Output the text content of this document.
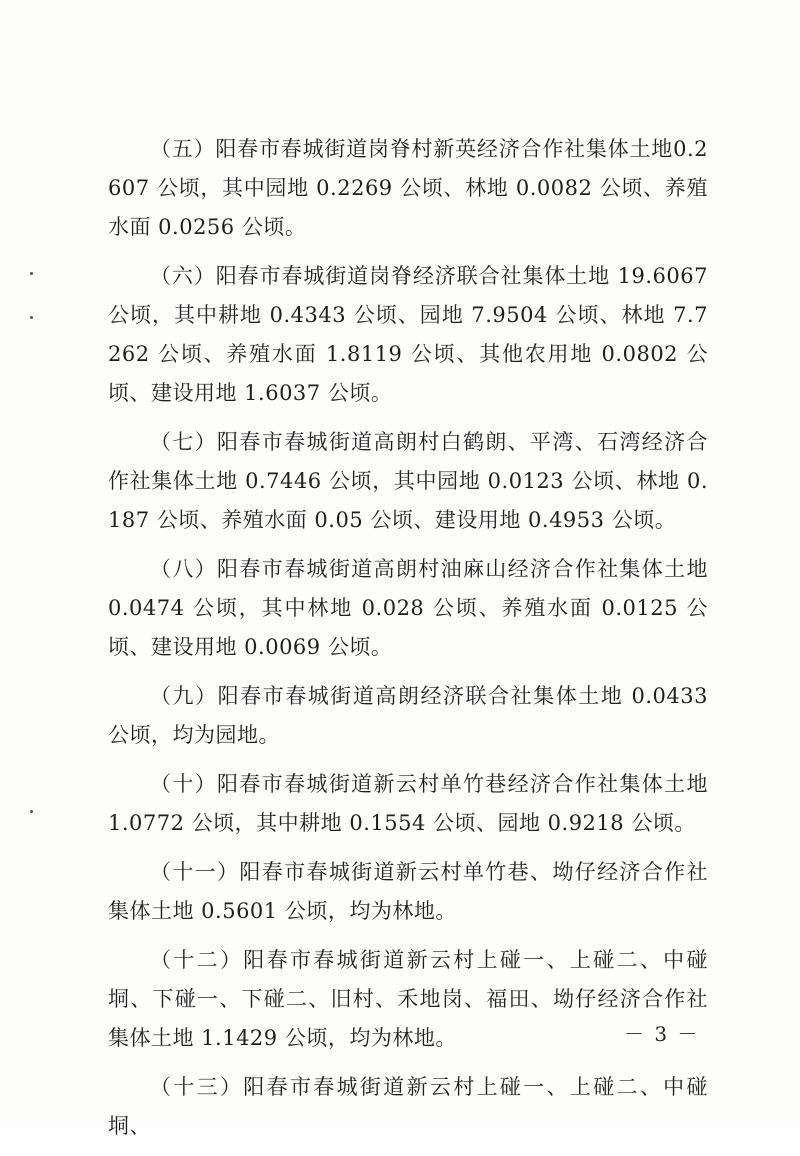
（五）阳春市春城街道岗脊村新英经济合作社集体土地0.2607 公顷，其中园地 0.2269 公顷、林地 0.0082 公顷、养殖水面 0.0256 公顷。

（六）阳春市春城街道岗脊经济联合社集体土地 19.6067 公顷，其中耕地 0.4343 公顷、园地 7.9504 公顷、林地 7.7262 公顷、养殖水面 1.8119 公顷、其他农用地 0.0802 公顷、建设用地 1.6037 公顷。

（七）阳春市春城街道高朗村白鹤朗、平湾、石湾经济合作社集体土地 0.7446 公顷，其中园地 0.0123 公顷、林地 0.187 公顷、养殖水面 0.05 公顷、建设用地 0.4953 公顷。

（八）阳春市春城街道高朗村油麻山经济合作社集体土地0.0474 公顷，其中林地 0.028 公顷、养殖水面 0.0125 公顷、建设用地 0.0069 公顷。

（九）阳春市春城街道高朗经济联合社集体土地 0.0433 公顷，均为园地。

（十）阳春市春城街道新云村单竹巷经济合作社集体土地1.0772 公顷，其中耕地 0.1554 公顷、园地 0.9218 公顷。

（十一）阳春市春城街道新云村单竹巷、坳仔经济合作社集体土地 0.5601 公顷，均为林地。

（十二）阳春市春城街道新云村上碰一、上碰二、中碰垌、下碰一、下碰二、旧村、禾地岗、福田、坳仔经济合作社集体土地 1.1429 公顷，均为林地。

（十三）阳春市春城街道新云村上碰一、上碰二、中碰垌、

－ 3 －
